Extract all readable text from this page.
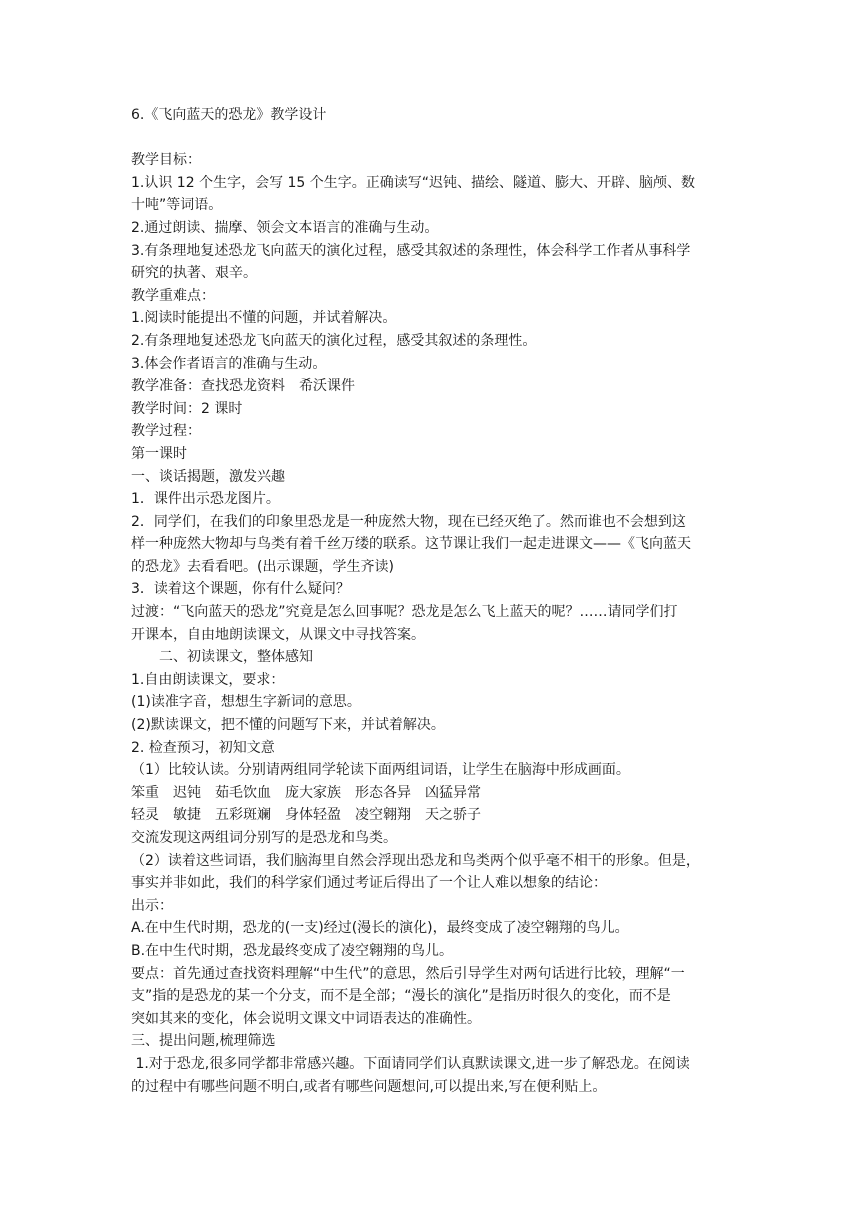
6.《飞向蓝天的恐龙》教学设计
教学目标：
1.认识 12 个生字，会写 15 个生字。正确读写“迟钝、描绘、隧道、膨大、开辟、脑颅、数
十吨”等词语。
2.通过朗读、揣摩、领会文本语言的准确与生动。
3.有条理地复述恐龙飞向蓝天的演化过程，感受其叙述的条理性，体会科学工作者从事科学
研究的执著、艰辛。
教学重难点：
1.阅读时能提出不懂的问题，并试着解决。
2.有条理地复述恐龙飞向蓝天的演化过程，感受其叙述的条理性。
3.体会作者语言的准确与生动。
教学准备：查找恐龙资料　希沃课件
教学时间：2 课时
教学过程：
第一课时
一、谈话揭题，激发兴趣
1．课件出示恐龙图片。
2．同学们，在我们的印象里恐龙是一种庞然大物，现在已经灭绝了。然而谁也不会想到这
样一种庞然大物却与鸟类有着千丝万缕的联系。这节课让我们一起走进课文——《飞向蓝天
的恐龙》去看看吧。(出示课题，学生齐读)
3．读着这个课题，你有什么疑问？
过渡：“飞向蓝天的恐龙”究竟是怎么回事呢？恐龙是怎么飞上蓝天的呢？……请同学们打
开课本，自由地朗读课文，从课文中寻找答案。
　　二、初读课文，整体感知
1.自由朗读课文，要求：
(1)读准字音，想想生字新词的意思。
(2)默读课文，把不懂的问题写下来，并试着解决。
2. 检查预习，初知文意
（1）比较认读。分别请两组同学轮读下面两组词语，让学生在脑海中形成画面。
笨重　迟钝　茹毛饮血　庞大家族　形态各异　凶猛异常
轻灵　敏捷　五彩斑斓　身体轻盈　凌空翱翔　天之骄子
交流发现这两组词分别写的是恐龙和鸟类。
（2）读着这些词语，我们脑海里自然会浮现出恐龙和鸟类两个似乎毫不相干的形象。但是，
事实并非如此，我们的科学家们通过考证后得出了一个让人难以想象的结论：
出示：
A.在中生代时期，恐龙的(一支)经过(漫长的演化)，最终变成了凌空翱翔的鸟儿。
B.在中生代时期，恐龙最终变成了凌空翱翔的鸟儿。
要点：首先通过查找资料理解“中生代”的意思，然后引导学生对两句话进行比较，理解“一
支”指的是恐龙的某一个分支，而不是全部；“漫长的演化”是指历时很久的变化，而不是
突如其来的变化，体会说明文课文中词语表达的准确性。
三、提出问题,梳理筛选
1.对于恐龙,很多同学都非常感兴趣。下面请同学们认真默读课文,进一步了解恐龙。在阅读
的过程中有哪些问题不明白,或者有哪些问题想问,可以提出来,写在便利贴上。
